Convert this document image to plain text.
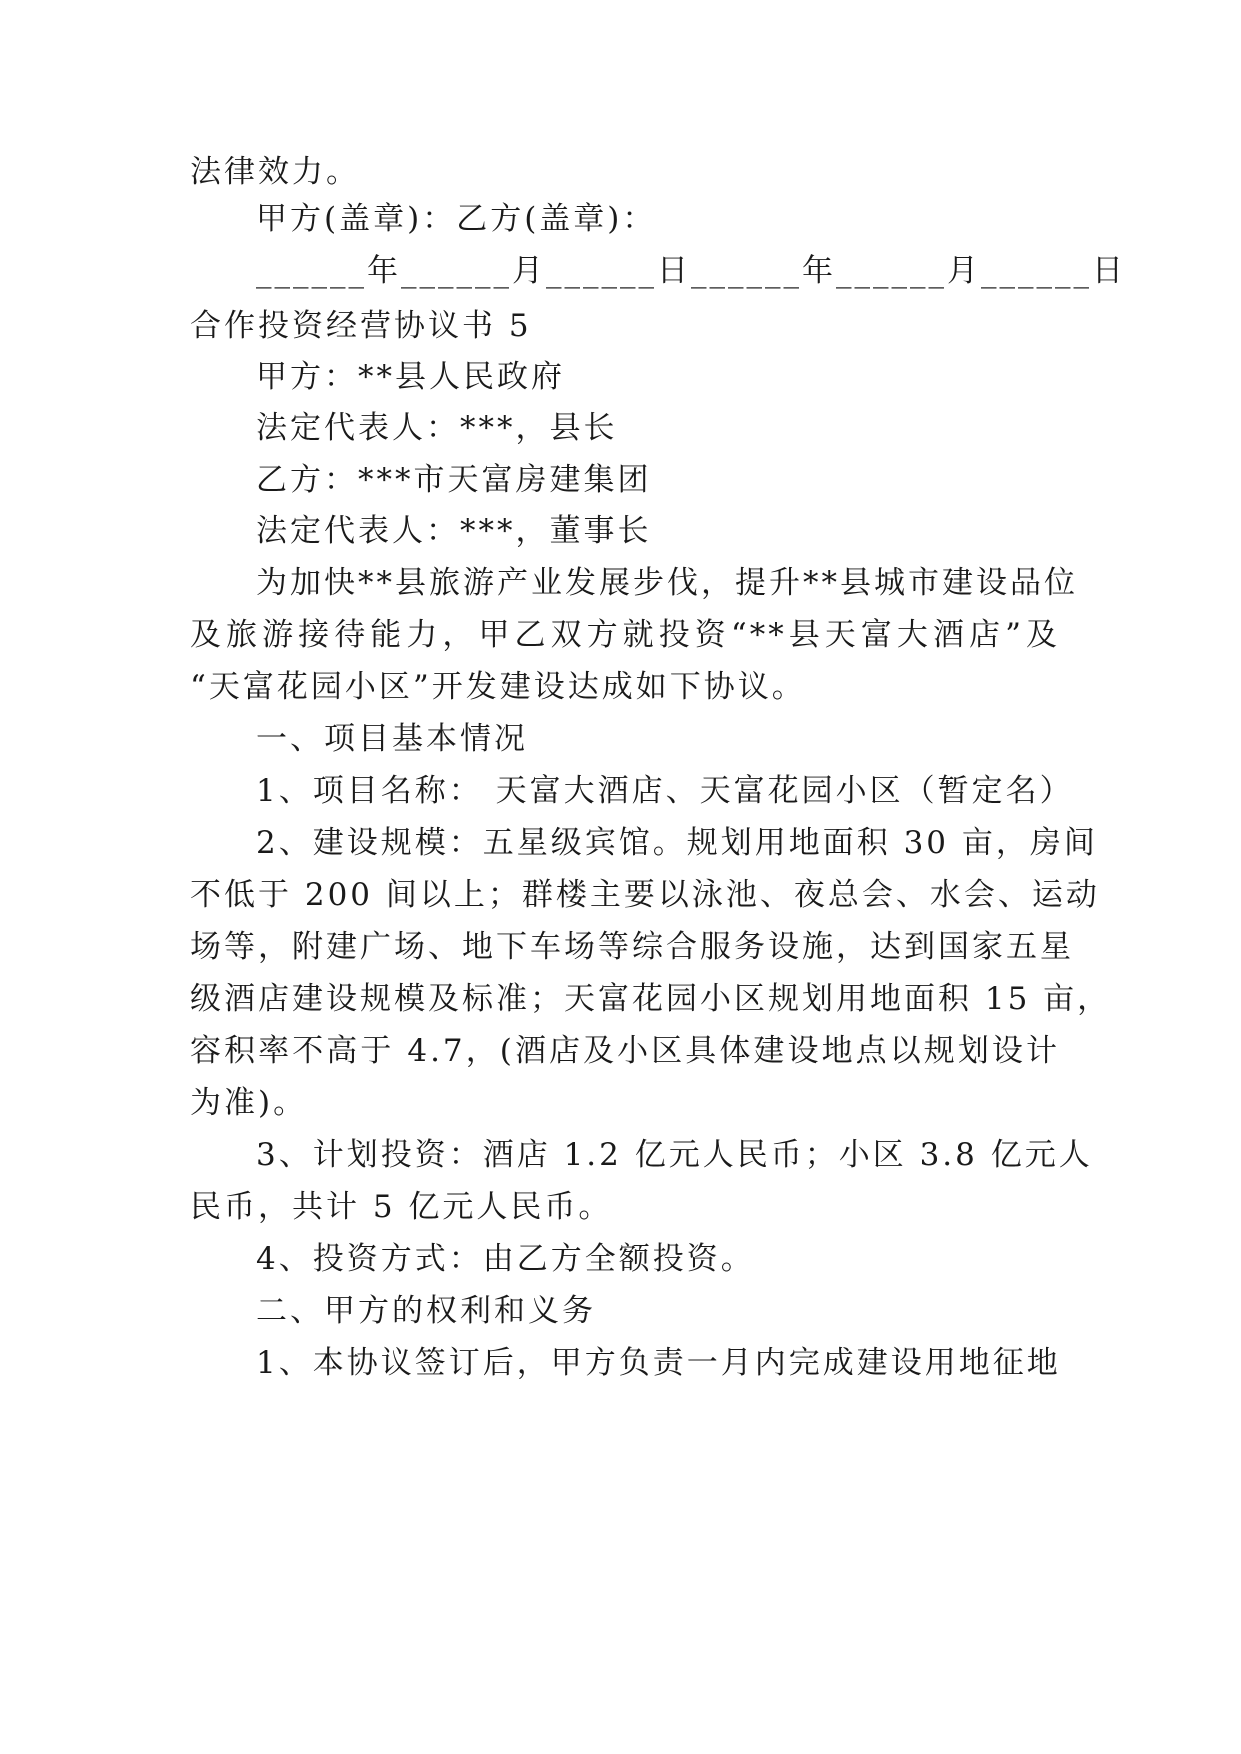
法律效力。
甲方(盖章)：乙方(盖章)：
______年______月______日______年______月______日
合作投资经营协议书 5
甲方：**县人民政府
法定代表人：***，县长
乙方：***市天富房建集团
法定代表人：***，董事长
为加快**县旅游产业发展步伐，提升**县城市建设品位
及旅游接待能力，甲乙双方就投资“**县天富大酒店”及
“天富花园小区”开发建设达成如下协议。
一、项目基本情况
1、项目名称： 天富大酒店、天富花园小区（暂定名）
2、建设规模：五星级宾馆。规划用地面积 30 亩，房间
不低于 200 间以上；群楼主要以泳池、夜总会、水会、运动
场等，附建广场、地下车场等综合服务设施，达到国家五星
级酒店建设规模及标准；天富花园小区规划用地面积 15 亩，
容积率不高于 4.7，(酒店及小区具体建设地点以规划设计
为准)。
3、计划投资：酒店 1.2 亿元人民币；小区 3.8 亿元人
民币，共计 5 亿元人民币。
4、投资方式：由乙方全额投资。
二、甲方的权利和义务
1、本协议签订后，甲方负责一月内完成建设用地征地
